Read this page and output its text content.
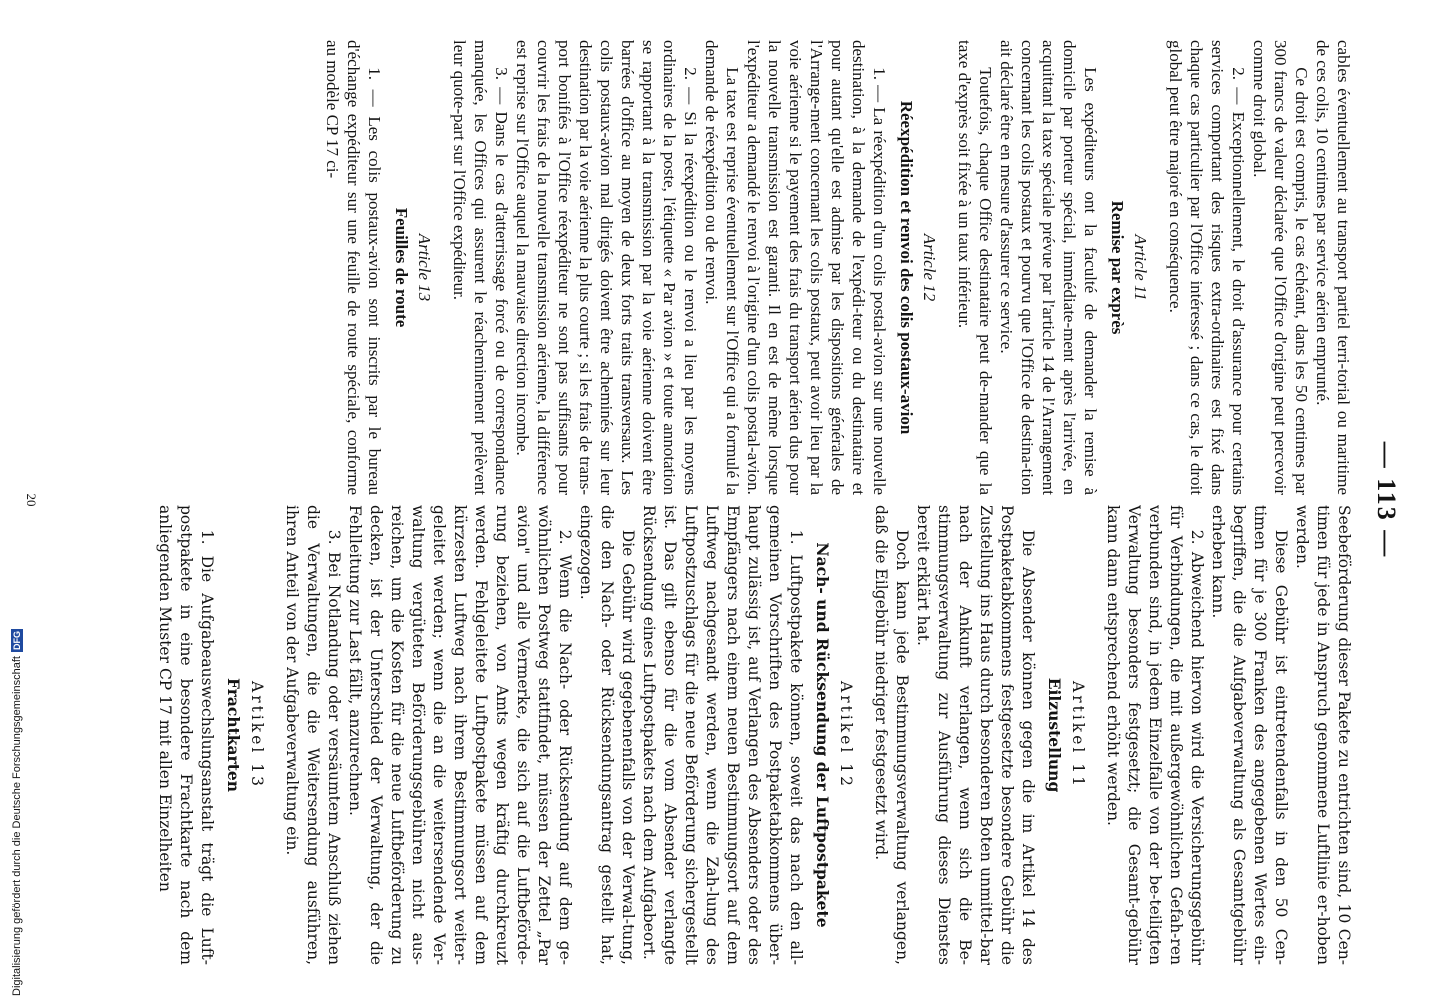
— 113 —

cables éventuellement au transport partiel terri-torial ou maritime de ces colis, 10 centimes par service aérien emprunté.

Ce droit est compris, le cas échéant, dans les 50 centimes par 300 francs de valeur déclarée que l'Office d'origine peut percevoir comme droit global.

2. — Exceptionnellement, le droit d'assurance pour certains services comportant des risques extra-ordinaires est fixé dans chaque cas particulier par l'Office intéressé ; dans ce cas, le droit global peut être majoré en conséquence.

Article 11
Remise par exprès

Les expéditeurs ont la faculté de demander la remise à domicile par porteur spécial, immédiate-ment après l'arrivée, en acquittant la taxe spéciale prévue par l'article 14 de l'Arrangement concernant les colis postaux et pourvu que l'Office de destina-tion ait déclaré être en mesure d'assurer ce service.

Toutefois, chaque Office destinataire peut de-mander que la taxe d'exprès soit fixée à un taux inférieur.

Article 12
Réexpédition et renvoi des colis postaux-avion

1. — La réexpédition d'un colis postal-avion sur une nouvelle destination, à la demande de l'expédi-teur ou du destinataire et pour autant qu'elle est admise par les dispositions générales de l'Arrange-ment concernant les colis postaux, peut avoir lieu par la voie aérienne si le payement des frais du transport aérien dus pour la nouvelle transmission est garanti. Il en est de même lorsque l'expéditeur a demandé le renvoi à l'origine d'un colis postal-avion.

La taxe est reprise éventuellement sur l'Office qui a formulé la demande de réexpédition ou de renvoi.

2. — Si la réexpédition ou le renvoi a lieu par les moyens ordinaires de la poste, l'étiquette « Par avion » et toute annotation se rapportant à la transmission par la voie aérienne doivent être barrées d'office au moyen de deux forts traits transversaux. Les colis postaux-avion mal dirigés doivent être acheminés sur leur destination par la voie aérienne la plus courte ; si les frais de trans-port bonifiés à l'Office réexpéditeur ne sont pas suffisants pour couvrir les frais de la nouvelle transmission aérienne, la différence est reprise sur l'Office auquel la mauvaise direction incombe.

3. — Dans le cas d'atterrissage forcé ou de correspondance manquée, les Offices qui assurent le réacheminement prélèvent leur quote-part sur l'Office expéditeur.

Article 13
Feuilles de route

1. — Les colis postaux-avion sont inscrits par le bureau d'échange expéditeur sur une feuille de route spéciale, conforme au modèle CP 17 ci-

Seebeförderung dieser Pakete zu entrichten sind, 10 Cen-timen für jede in Anspruch genommene Luftlinie er-hoben werden.

Diese Gebühr ist eintretendenfalls in den 50 Cen-timen für je 300 Franken des angegebenen Wertes ein-begriffen, die die Aufgabeverwaltung als Gesamtgebühr erheben kann.

2. Abweichend hiervon wird die Versicherungsgebühr für Verbindungen, die mit außergewöhnlichen Gefah-ren verbunden sind, in jedem Einzelfalle von der be-teiligten Verwaltung besonders festgesetzt; die Gesamt-gebühr kann dann entsprechend erhöht werden.

Artikel 11
Eilzustellung

Die Absender können gegen die im Artikel 14 des Postpaketabkommens festgesetzte besondere Gebühr die Zustellung ins Haus durch besonderen Boten unmittel-bar nach der Ankunft verlangen, wenn sich die Be-stimmungsverwaltung zur Ausführung dieses Dienstes bereit erklärt hat.

Doch kann jede Bestimmungsverwaltung verlangen, daß die Eilgebühr niedriger festgesetzt wird.

Artikel 12
Nach- und Rücksendung der Luftpostpakete

1. Luftpostpakete können, soweit das nach den all-gemeinen Vorschriften des Postpaketabkommens über-haupt zulässig ist, auf Verlangen des Absenders oder des Empfängers nach einem neuen Bestimmungsort auf dem Luftweg nachgesandt werden, wenn die Zah-lung des Luftpostzuschlags für die neue Beförderung sichergestellt ist. Das gilt ebenso für die vom Absender verlangte Rücksendung eines Luftpostpakets nach dem Aufgabeort.

Die Gebühr wird gegebenenfalls von der Verwal-tung, die den Nach- oder Rücksendungsantrag gestellt hat, eingezogen.

2. Wenn die Nach- oder Rücksendung auf dem ge-wöhnlichen Postweg stattfindet, müssen der Zettel „Par avion" und alle Vermerke, die sich auf die Luftbeförde-rung beziehen, von Amts wegen kräftig durchkreuzt werden. Fehlgeleitete Luftpostpakete müssen auf dem kürzesten Luftweg nach ihrem Bestimmungsort weiter-geleitet werden; wenn die an die weitersendende Ver-waltung vergüteten Beförderungsgebühren nicht aus-reichen, um die Kosten für die neue Luftbeförderung zu decken, ist der Unterschied der Verwaltung, der die Fehlleitung zur Last fällt, anzurechnen.

3. Bei Notlandung oder versäumtem Anschluß ziehen die Verwaltungen, die die Weitersendung ausführen, ihren Anteil von der Aufgabeverwaltung ein.

Artikel 13
Frachtkarten

1. Die Aufgabeauswechslungsanstalt trägt die Luft-postpakete in eine besondere Frachtkarte nach dem anliegenden Muster CP 17 mit allen Einzelheiten

20
Digitalisierung gefördert durch die Deutsche Forschungsgemeinschaft
DFG
